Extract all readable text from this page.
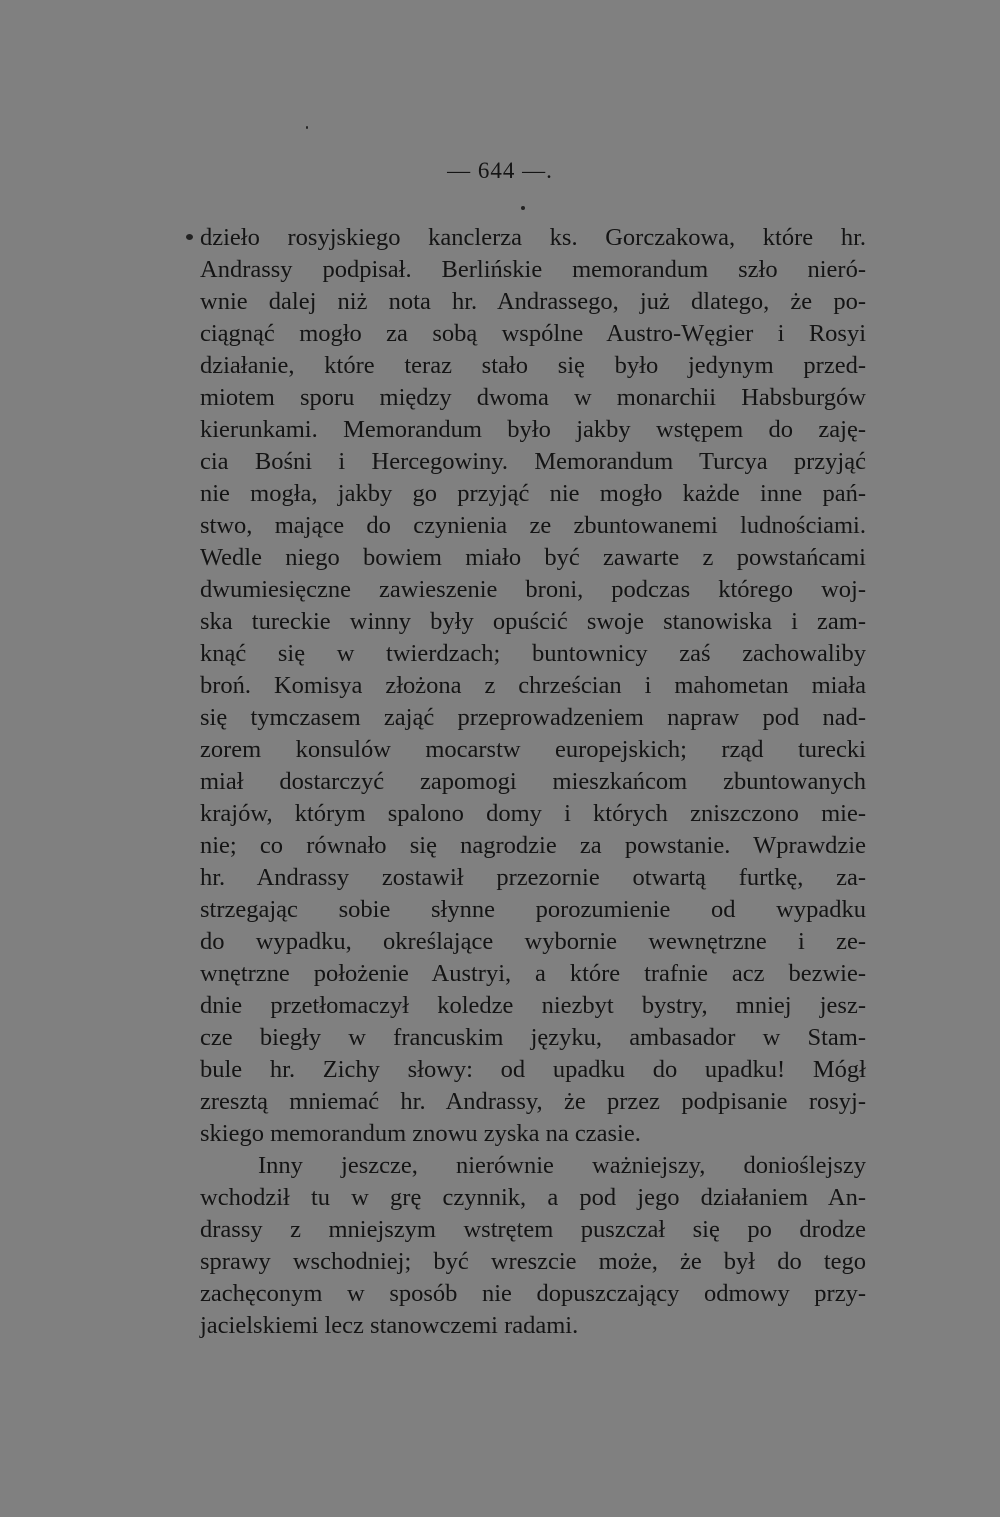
— 644 —.
dzieło rosyjskiego kanclerza ks. Gorczakowa, które hr.
Andrassy podpisał. Berlińskie memorandum szło nieró-
wnie dalej niż nota hr. Andrassego, już dlatego, że po-
ciągnąć mogło za sobą wspólne Austro-Węgier i Rosyi
działanie, które teraz stało się było jedynym przed-
miotem sporu między dwoma w monarchii Habsburgów
kierunkami. Memorandum było jakby wstępem do zaję-
cia Bośni i Hercegowiny. Memorandum Turcya przyjąć
nie mogła, jakby go przyjąć nie mogło każde inne pań-
stwo, mające do czynienia ze zbuntowanemi ludnościami.
Wedle niego bowiem miało być zawarte z powstańcami
dwumiesięczne zawieszenie broni, podczas którego woj-
ska tureckie winny były opuścić swoje stanowiska i zam-
knąć się w twierdzach; buntownicy zaś zachowaliby
broń. Komisya złożona z chrześcian i mahometan miała
się tymczasem zająć przeprowadzeniem napraw pod nad-
zorem konsulów mocarstw europejskich; rząd turecki
miał dostarczyć zapomogi mieszkańcom zbuntowanych
krajów, którym spalono domy i których zniszczono mie-
nie; co równało się nagrodzie za powstanie. Wprawdzie
hr. Andrassy zostawił przezornie otwartą furtkę, za-
strzegając sobie słynne porozumienie od wypadku
do wypadku, określające wybornie wewnętrzne i ze-
wnętrzne położenie Austryi, a które trafnie acz bezwie-
dnie przetłomaczył koledze niezbyt bystry, mniej jesz-
cze biegły w francuskim języku, ambasador w Stam-
bule hr. Zichy słowy: od upadku do upadku! Mógł
zresztą mniemać hr. Andrassy, że przez podpisanie rosyj-
skiego memorandum znowu zyska na czasie.
Inny jeszcze, nierównie ważniejszy, donioślejszy
wchodził tu w grę czynnik, a pod jego działaniem An-
drassy z mniejszym wstrętem puszczał się po drodze
sprawy wschodniej; być wreszcie może, że był do tego
zachęconym w sposób nie dopuszczający odmowy przy-
jacielskiemi lecz stanowczemi radami.
